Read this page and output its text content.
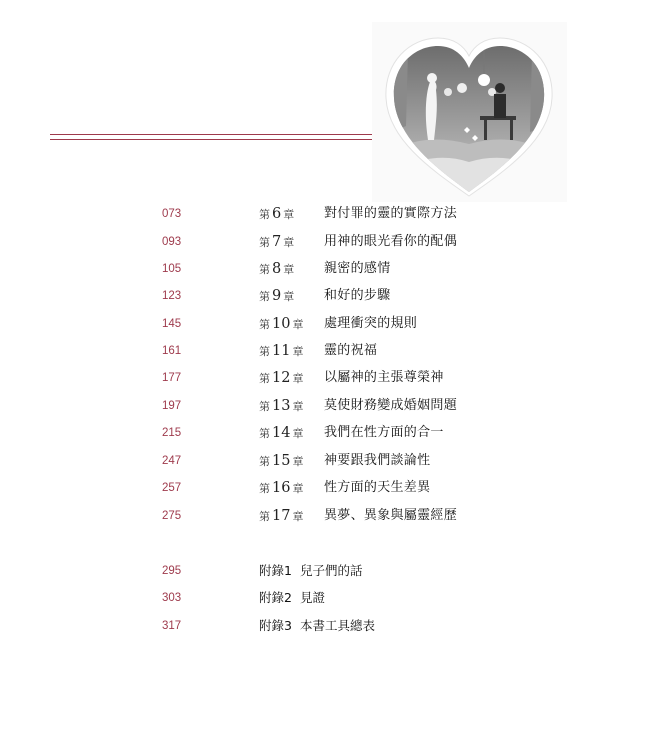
073	第 6 章 對付罪的靈的實際方法
093	第 7 章 用神的眼光看你的配偶
105	第 8 章 親密的感情
123	第 9 章 和好的步驟
145	第 10 章 處理衝突的規則
161	第 11 章 靈的祝福
177	第 12 章 以屬神的主張尊榮神
197	第 13 章 莫使財務變成婚姻問題
215	第 14 章 我們在性方面的合一
247	第 15 章 神要跟我們談論性
257	第 16 章 性方面的天生差異
275	第 17 章 異夢、異象與屬靈經歷
295	附錄1 兒子們的話
303	附錄2 見證
317	附錄3 本書工具總表
